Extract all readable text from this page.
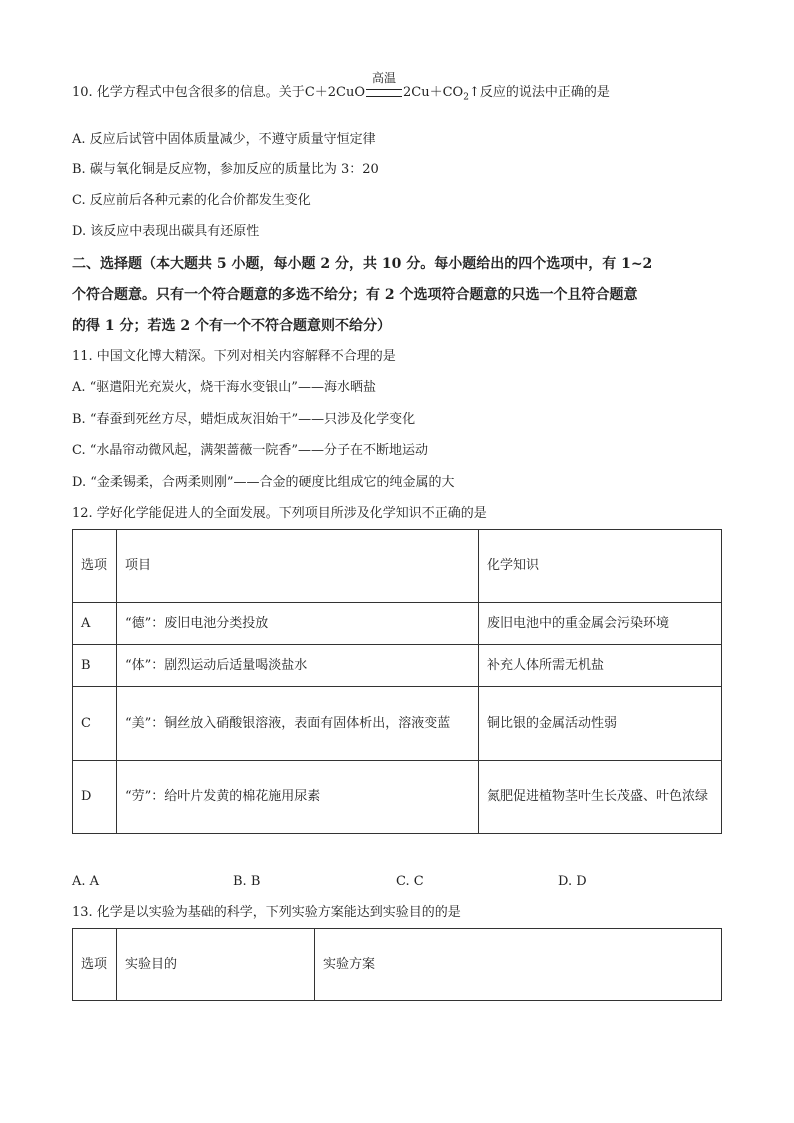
10. 化学方程式中包含很多的信息。关于C＋2CuO
高温
$2Cu+CO_2↑$反应的说法中正确的是
A. 反应后试管中固体质量减少，不遵守质量守恒定律
B. 碳与氧化铜是反应物，参加反应的质量比为 3：20
C. 反应前后各种元素的化合价都发生变化
D. 该反应中表现出碳具有还原性
二、选择题（本大题共 5 小题，每小题 2 分，共 10 分。每小题给出的四个选项中，有 1~2
个符合题意。只有一个符合题意的多选不给分；有 2 个选项符合题意的只选一个且符合题意
的得 1 分；若选 2 个有一个不符合题意则不给分）
11. 中国文化博大精深。下列对相关内容解释不合理的是
A. “驱遣阳光充炭火，烧干海水变银山”——海水晒盐
B. “春蚕到死丝方尽，蜡炬成灰泪始干”——只涉及化学变化
C. “水晶帘动微风起，满架蔷薇一院香”——分子在不断地运动
D. “金柔锡柔，合两柔则刚”——合金的硬度比组成它的纯金属的大
12. 学好化学能促进人的全面发展。下列项目所涉及化学知识不正确的是
选项	项目	化学知识
A	“德”：废旧电池分类投放	废旧电池中的重金属会污染环境
B	“体”：剧烈运动后适量喝淡盐水	补充人体所需无机盐
C	“美”：铜丝放入硝酸银溶液，表面有固体析出，溶液变蓝	铜比银的金属活动性弱
D	“劳”：给叶片发黄的棉花施用尿素	氮肥促进植物茎叶生长茂盛、叶色浓绿
A. A	B. B	C. C	D. D
13. 化学是以实验为基础的科学，下列实验方案能达到实验目的的是
选项	实验目的	实验方案
